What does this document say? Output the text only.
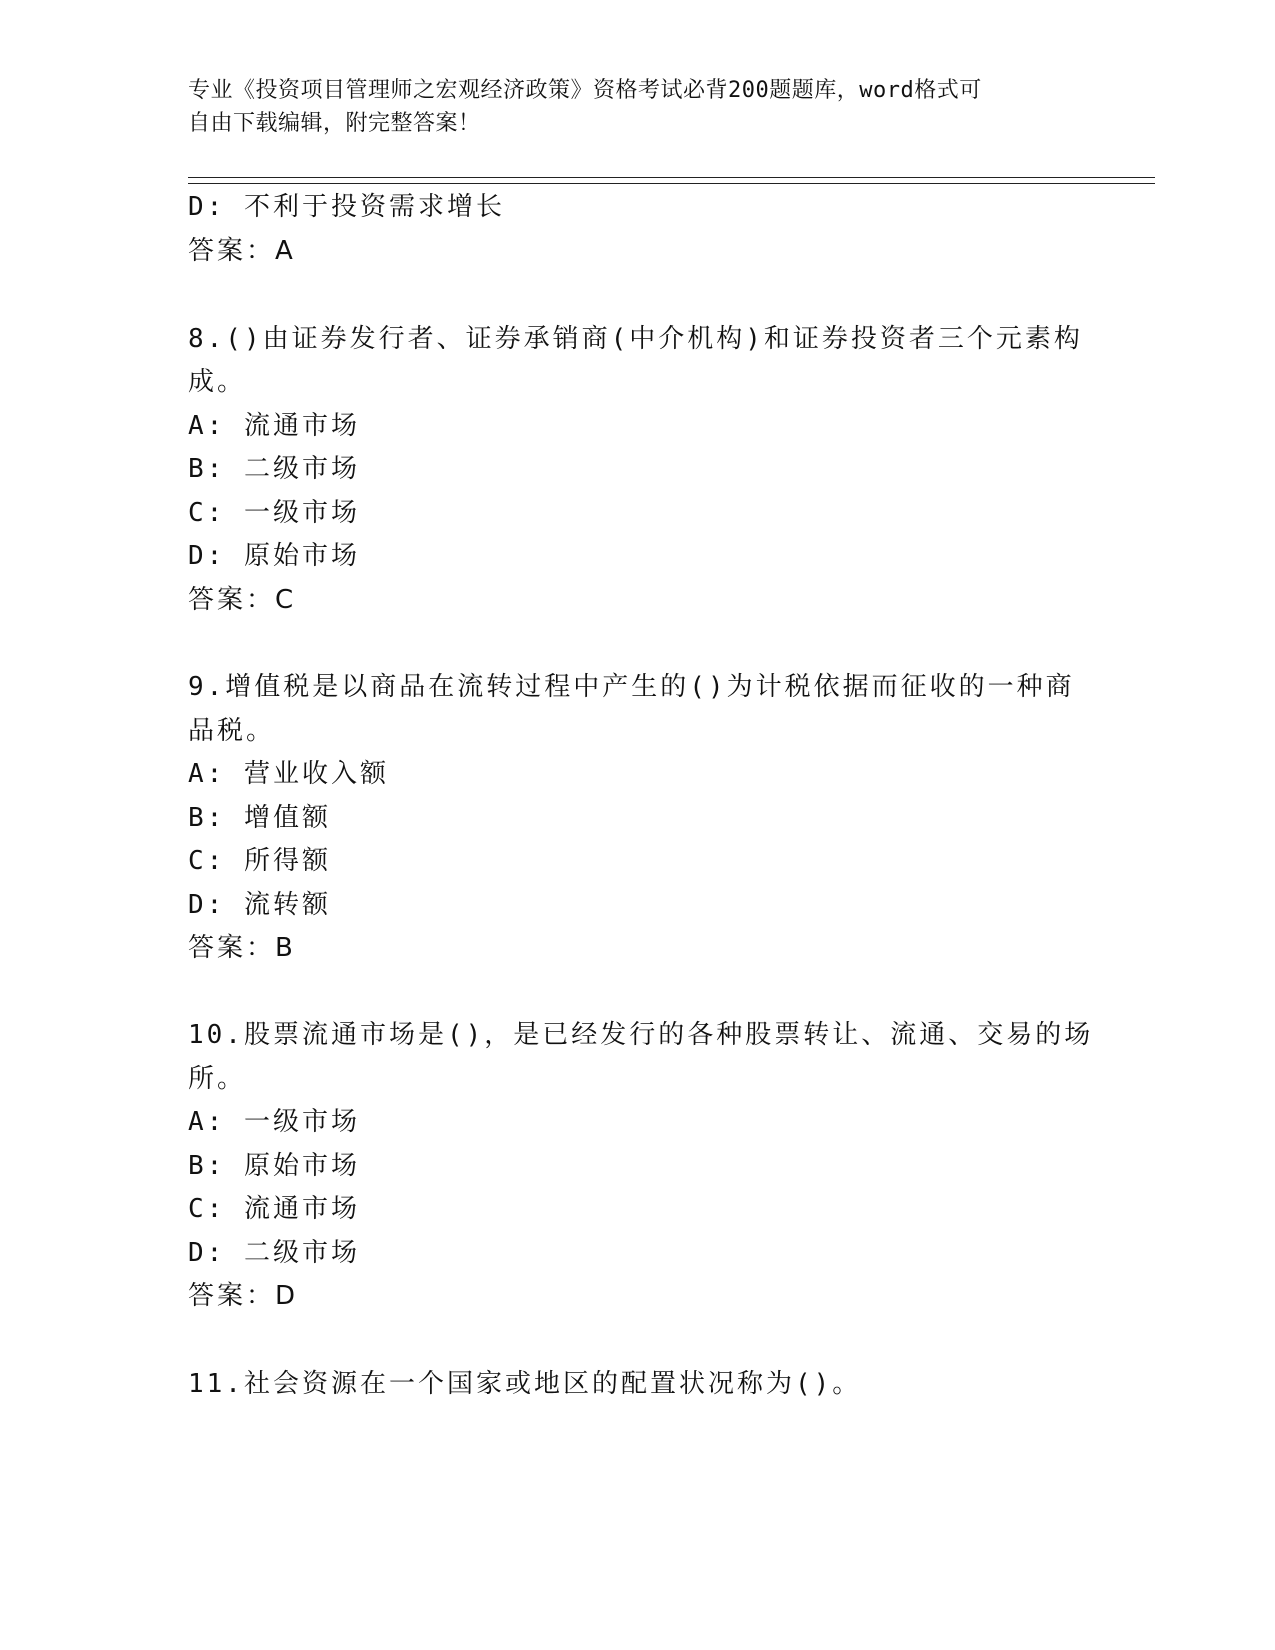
专业《投资项目管理师之宏观经济政策》资格考试必背200题题库，word格式可
自由下载编辑，附完整答案！
D: 不利于投资需求增长
答案：A
8.()由证券发行者、证券承销商(中介机构)和证券投资者三个元素构
成。
A: 流通市场
B: 二级市场
C: 一级市场
D: 原始市场
答案：C
9.增值税是以商品在流转过程中产生的()为计税依据而征收的一种商
品税。
A: 营业收入额
B: 增值额
C: 所得额
D: 流转额
答案：B
10.股票流通市场是()，是已经发行的各种股票转让、流通、交易的场
所。
A: 一级市场
B: 原始市场
C: 流通市场
D: 二级市场
答案：D
11.社会资源在一个国家或地区的配置状况称为()。
